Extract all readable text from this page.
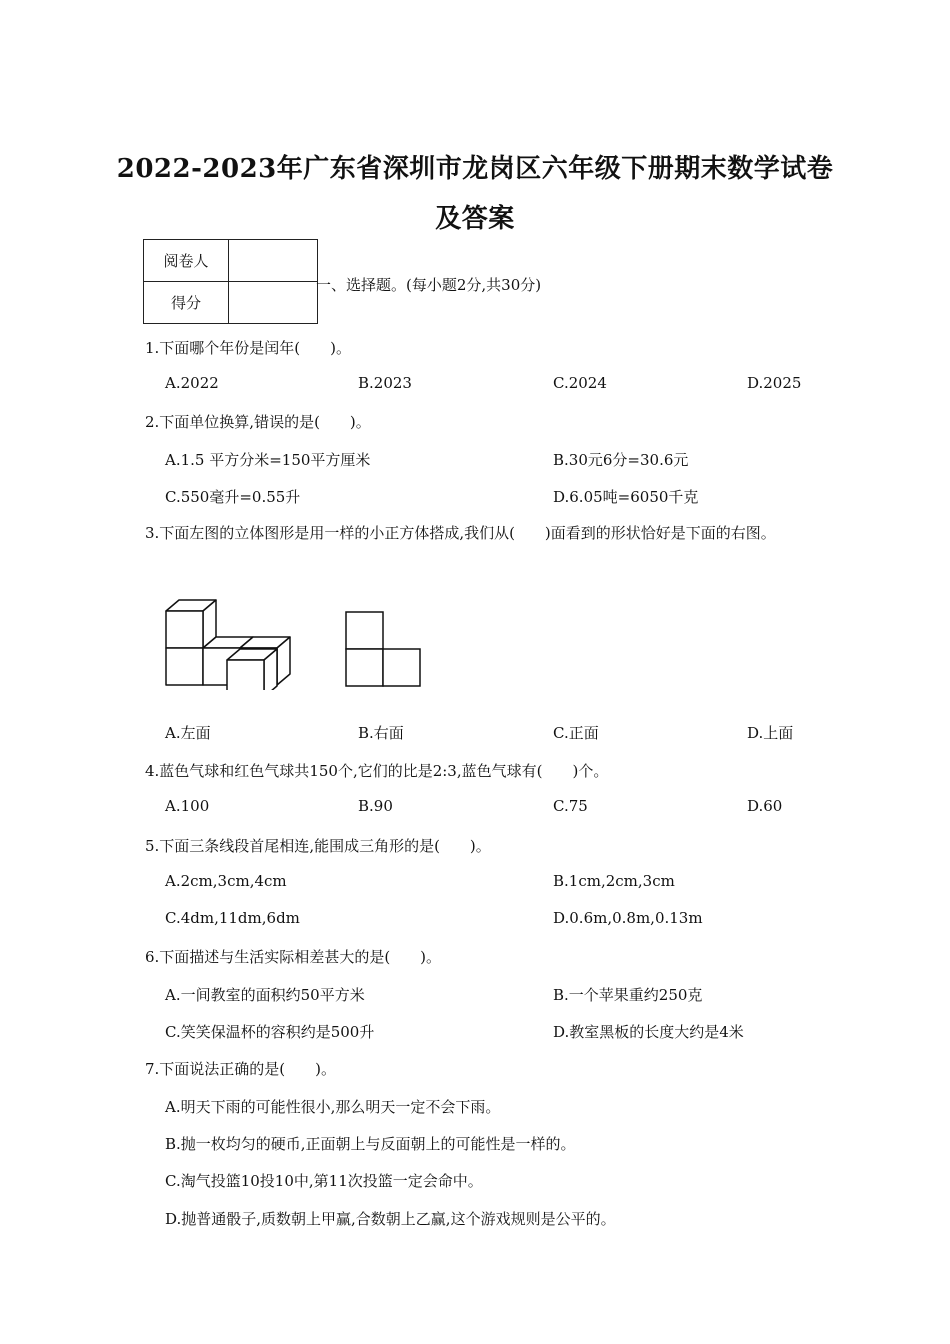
2022-2023年广东省深圳市龙岗区六年级下册期末数学试卷
及答案
阅卷人	
得分	
一、选择题。(每小题2分,共30分)
1.下面哪个年份是闰年(　　)。
A.2022	B.2023	C.2024	D.2025
2.下面单位换算,错误的是(　　)。
A.1.5 平方分米=150平方厘米	B.30元6分=30.6元
C.550毫升=0.55升	D.6.05吨=6050千克
3.下面左图的立体图形是用一样的小正方体搭成,我们从(　　)面看到的形状恰好是下面的右图。
A.左面	B.右面	C.正面	D.上面
4.蓝色气球和红色气球共150个,它们的比是2:3,蓝色气球有(　　)个。
A.100	B.90	C.75	D.60
5.下面三条线段首尾相连,能围成三角形的是(　　)。
A.2cm,3cm,4cm	B.1cm,2cm,3cm
C.4dm,11dm,6dm	D.0.6m,0.8m,0.13m
6.下面描述与生活实际相差甚大的是(　　)。
A.一间教室的面积约50平方米	B.一个苹果重约250克
C.笑笑保温杯的容积约是500升	D.教室黑板的长度大约是4米
7.下面说法正确的是(　　)。
A.明天下雨的可能性很小,那么明天一定不会下雨。
B.抛一枚均匀的硬币,正面朝上与反面朝上的可能性是一样的。
C.淘气投篮10投10中,第11次投篮一定会命中。
D.抛普通骰子,质数朝上甲赢,合数朝上乙赢,这个游戏规则是公平的。
